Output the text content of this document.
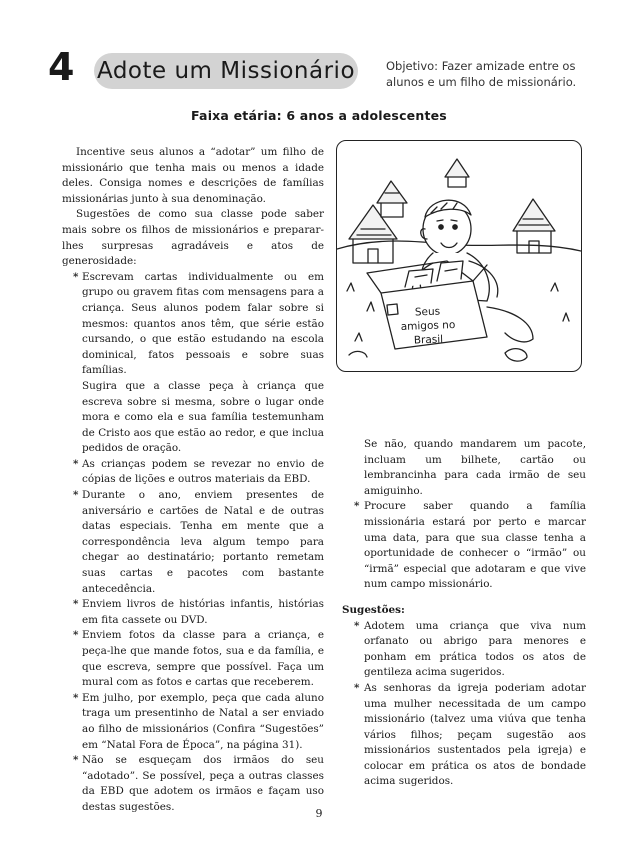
4 Adote um Missionário	Objetivo: Fazer amizade entre os alunos e um filho de missionário.
Faixa etária: 6 anos a adolescentes

Incentive seus alunos a “adotar” um filho de missionário que tenha mais ou menos a idade deles. Consiga nomes e descrições de famílias missionárias junto à sua denominação.

Sugestões de como sua classe pode saber mais sobre os filhos de missionários e preparar-lhes surpresas agradáveis e atos de generosidade:

* Escrevam cartas individualmente ou em grupo ou gravem fitas com mensagens para a criança. Seus alunos podem falar sobre si mesmos: quantos anos têm, que série estão cursando, o que estão estudando na escola dominical, fatos pessoais e sobre suas famílias.
Sugira que a classe peça à criança que escreva sobre si mesma, sobre o lugar onde mora e como ela e sua família testemunham de Cristo aos que estão ao redor, e que inclua pedidos de oração.
* As crianças podem se revezar no envio de cópias de lições e outros materiais da EBD.
* Durante o ano, enviem presentes de aniversário e cartões de Natal e de outras datas especiais. Tenha em mente que a correspondência leva algum tempo para chegar ao destinatário; portanto remetam suas cartas e pacotes com bastante antecedência.
* Enviem livros de histórias infantis, histórias em fita cassete ou DVD.
* Enviem fotos da classe para a criança, e peça-lhe que mande fotos, sua e da família, e que escreva, sempre que possível. Faça um mural com as fotos e cartas que receberem.
* Em julho, por exemplo, peça que cada aluno traga um presentinho de Natal a ser enviado ao filho de missionários (Confira “Sugestões” em “Natal Fora de Época”, na página 31).
* Não se esqueçam dos irmãos do seu “adotado”. Se possível, peça a outras classes da EBD que adotem os irmãos e façam uso destas sugestões.
Seus
amigos no
Brasil

Se não, quando mandarem um pacote, incluam um bilhete, cartão ou lembrancinha para cada irmão de seu amiguinho.

* Procure saber quando a família missionária estará por perto e marcar uma data, para que sua classe tenha a oportunidade de conhecer o “irmão” ou “irmã” especial que adotaram e que vive num campo missionário.

Sugestões:

* Adotem uma criança que viva num orfanato ou abrigo para menores e ponham em prática todos os atos de gentileza acima sugeridos.
* As senhoras da igreja poderiam adotar uma mulher necessitada de um campo missionário (talvez uma viúva que tenha vários filhos; peçam sugestão aos missionários sustentados pela igreja) e colocar em prática os atos de bondade acima sugeridos.
9
